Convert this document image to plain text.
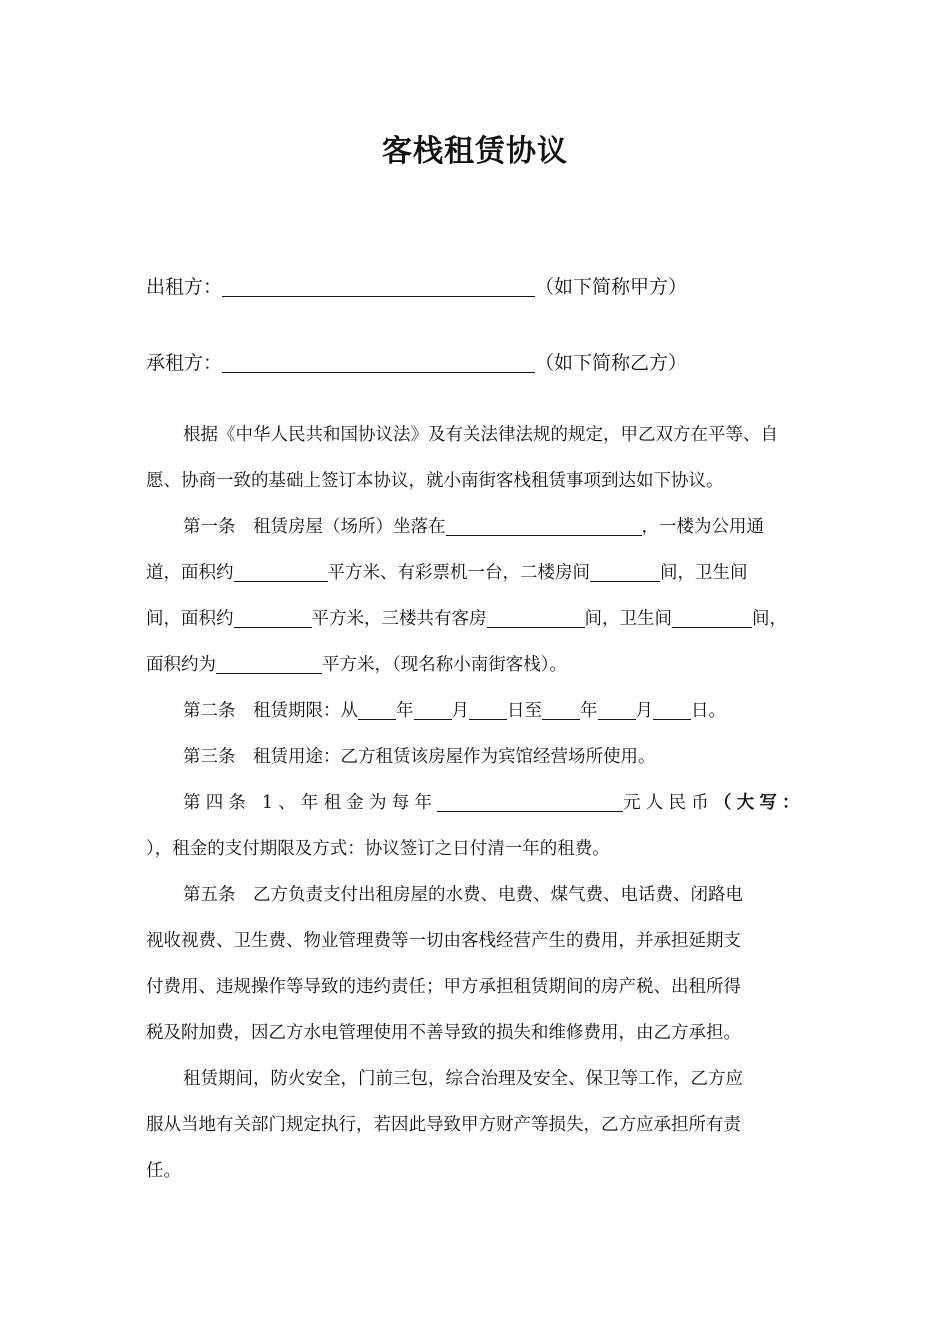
客栈租赁协议
出租方：	（如下简称甲方）
承租方：	（如下简称乙方）
根据《中华人民共和国协议法》及有关法律法规的规定，甲乙双方在平等、自
愿、协商一致的基础上签订本协议，就小南街客栈租赁事项到达如下协议。
第一条　租赁房屋（场所）坐落在	，一楼为公用通
道，面积约	平方米、有彩票机一台，二楼房间	间，卫生间
间，面积约	平方米，三楼共有客房	间，卫生间	间，
面积约为	平方米，（现名称小南街客栈）。
第二条　租赁期限：从 年 月 日至 年 月 日。
第三条　租赁用途：乙方租赁该房屋作为宾馆经营场所使用。
第四条 1、年租金为每年	元人民币（大写：
），租金的支付期限及方式：协议签订之日付清一年的租费。
第五条　乙方负责支付出租房屋的水费、电费、煤气费、电话费、闭路电
视收视费、卫生费、物业管理费等一切由客栈经营产生的费用，并承担延期支
付费用、违规操作等导致的违约责任；甲方承担租赁期间的房产税、出租所得
税及附加费，因乙方水电管理使用不善导致的损失和维修费用，由乙方承担。
租赁期间，防火安全，门前三包，综合治理及安全、保卫等工作，乙方应
服从当地有关部门规定执行，若因此导致甲方财产等损失，乙方应承担所有责
任。
